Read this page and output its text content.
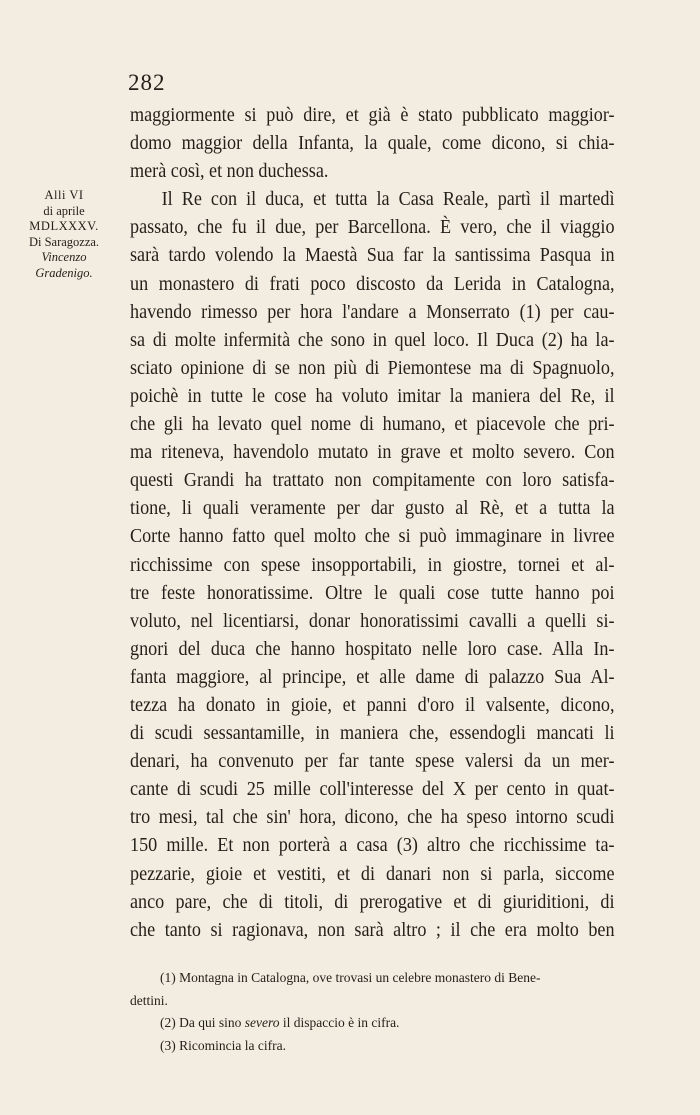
282
Alli VI
di aprile
MDLXXXV.
Di Saragozza.
Vincenzo
Gradenigo.
maggiormente si può dire, et già è stato pubblicato maggior-
domo maggior della Infanta, la quale, come dicono, si chia-
merà così, et non duchessa.
Il Re con il duca, et tutta la Casa Reale, partì il martedì
passato, che fu il due, per Barcellona. È vero, che il viaggio
sarà tardo volendo la Maestà Sua far la santissima Pasqua in
un monastero di frati poco discosto da Lerida in Catalogna,
havendo rimesso per hora l'andare a Monserrato (1) per cau-
sa di molte infermità che sono in quel loco. Il Duca (2) ha la-
sciato opinione di se non più di Piemontese ma di Spagnuolo,
poichè in tutte le cose ha voluto imitar la maniera del Re, il
che gli ha levato quel nome di humano, et piacevole che pri-
ma riteneva, havendolo mutato in grave et molto severo. Con
questi Grandi ha trattato non compitamente con loro satisfa-
tione, li quali veramente per dar gusto al Rè, et a tutta la
Corte hanno fatto quel molto che si può immaginare in livree
ricchissime con spese insopportabili, in giostre, tornei et al-
tre feste honoratissime. Oltre le quali cose tutte hanno poi
voluto, nel licentiarsi, donar honoratissimi cavalli a quelli si-
gnori del duca che hanno hospitato nelle loro case. Alla In-
fanta maggiore, al principe, et alle dame di palazzo Sua Al-
tezza ha donato in gioie, et panni d'oro il valsente, dicono,
di scudi sessantamille, in maniera che, essendogli mancati li
denari, ha convenuto per far tante spese valersi da un mer-
cante di scudi 25 mille coll'interesse del X per cento in quat-
tro mesi, tal che sin' hora, dicono, che ha speso intorno scudi
150 mille. Et non porterà a casa (3) altro che ricchissime ta-
pezzarie, gioie et vestiti, et di danari non si parla, siccome
anco pare, che di titoli, di prerogative et di giuriditioni, di
che tanto si ragionava, non sarà altro ; il che era molto ben
(1) Montagna in Catalogna, ove trovasi un celebre monastero di Bene-
dettini.
(2) Da qui sino severo il dispaccio è in cifra.
(3) Ricomincia la cifra.
